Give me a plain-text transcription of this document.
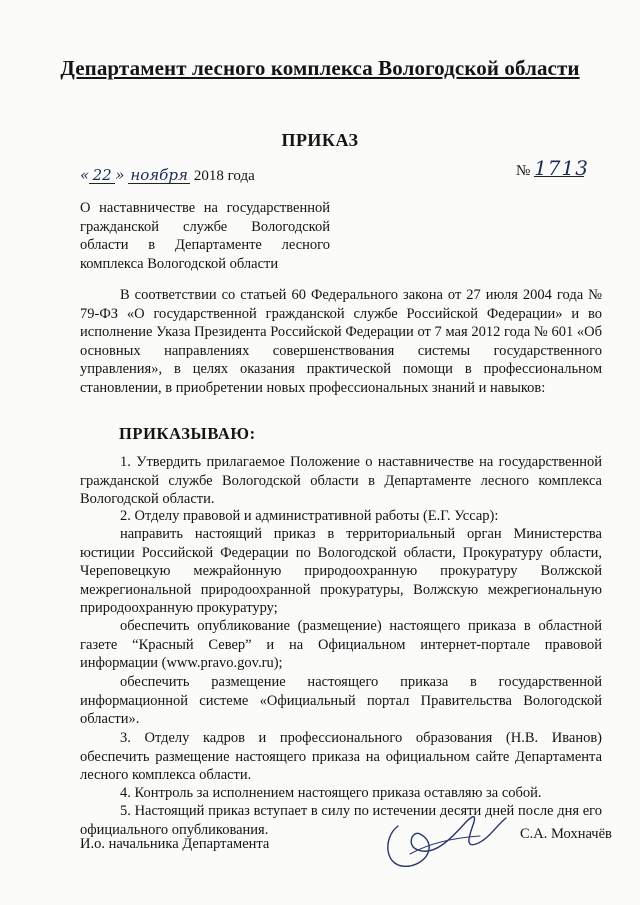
Департамент лесного комплекса Вологодской области
ПРИКАЗ
« 22 » ноября 2018 года	№ 1713
О наставничестве на государственной гражданской службе Вологодской области в Департаменте лесного комплекса Вологодской области
В соответствии со статьей 60 Федерального закона от 27 июля 2004 года № 79-ФЗ «О государственной гражданской службе Российской Федерации» и во исполнение Указа Президента Российской Федерации от 7 мая 2012 года № 601 «Об основных направлениях совершенствования системы государственного управления», в целях оказания практической помощи в профессиональном становлении, в приобретении новых профессиональных знаний и навыков:
ПРИКАЗЫВАЮ:
1. Утвердить прилагаемое Положение о наставничестве на государственной гражданской службе Вологодской области в Департаменте лесного комплекса Вологодской области.
2. Отделу правовой и административной работы (Е.Г. Уссар):
направить настоящий приказ в территориальный орган Министерства юстиции Российской Федерации по Вологодской области, Прокуратуру области, Череповецкую межрайонную природоохранную прокуратуру Волжской межрегиональной природоохранной прокуратуры, Волжскую межрегиональную природоохранную прокуратуру;
обеспечить опубликование (размещение) настоящего приказа в областной газете “Красный Север” и на Официальном интернет-портале правовой информации (www.pravo.gov.ru);
обеспечить размещение настоящего приказа в государственной информационной системе «Официальный портал Правительства Вологодской области».
3. Отделу кадров и профессионального образования (Н.В. Иванов) обеспечить размещение настоящего приказа на официальном сайте Департамента лесного комплекса области.
4. Контроль за исполнением настоящего приказа оставляю за собой.
5. Настоящий приказ вступает в силу по истечении десяти дней после дня его официального опубликования.
И.о. начальника Департамента
С.А. Мохначёв
